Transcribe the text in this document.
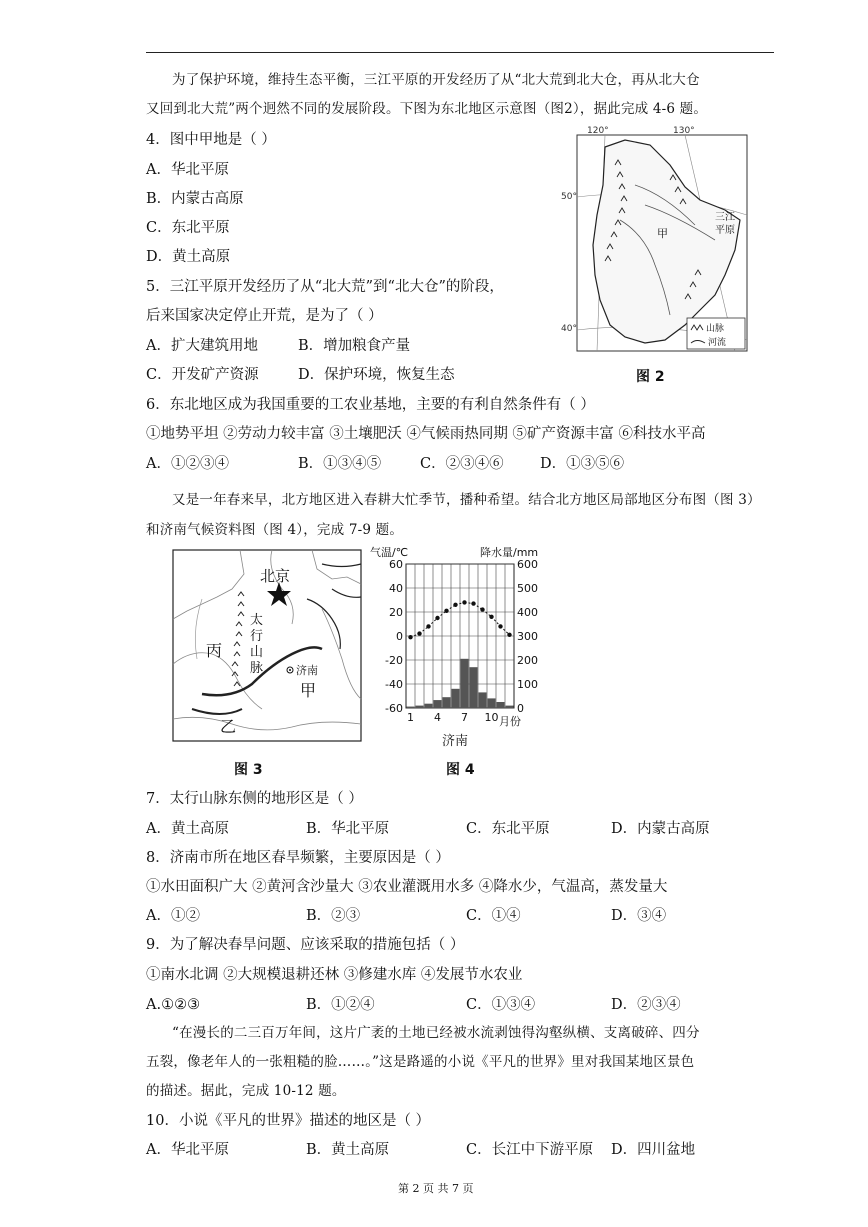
为了保护环境，维持生态平衡，三江平原的开发经历了从“北大荒到北大仓，再从北大仓
又回到北大荒”两个迥然不同的发展阶段。下图为东北地区示意图（图2），据此完成 4-6 题。
4．图中甲地是（ ）
A．华北平原
B．内蒙古高原
C．东北平原
D．黄土高原
5．三江平原开发经历了从“北大荒”到“北大仓”的阶段，
后来国家决定停止开荒，是为了（ ）
A．扩大建筑用地	B．增加粮食产量
C．开发矿产资源	D．保护环境，恢复生态
120°	130°
50°
40°
甲
三江
平原
山脉
河流
图 2
6．东北地区成为我国重要的工农业基地，主要的有利自然条件有（ ）
①地势平坦 ②劳动力较丰富 ③土壤肥沃 ④气候雨热同期 ⑤矿产资源丰富 ⑥科技水平高
A．①②③④	B．①③④⑤	C．②③④⑥	D．①③⑤⑥
又是一年春来早，北方地区进入春耕大忙季节，播种希望。结合北方地区局部地区分布图（图 3）
和济南气候资料图（图 4），完成 7-9 题。
北京
太
行
山
脉
丙
济南
甲
乙
图 3
气温/℃	降水量/mm
60
40
20
0
-20
-40
-60
600
500
400
300
200
100
0
1 4 7 10 月份
济南
图 4
7．太行山脉东侧的地形区是（ ）
A．黄土高原	B．华北平原	C．东北平原	D．内蒙古高原
8．济南市所在地区春旱频繁，主要原因是（ ）
①水田面积广大 ②黄河含沙量大 ③农业灌溉用水多 ④降水少，气温高，蒸发量大
A．①②	B．②③	C．①④	D．③④
9．为了解决春旱问题、应该采取的措施包括（ ）
①南水北调 ②大规模退耕还林 ③修建水库 ④发展节水农业
A.①②③	B．①②④	C．①③④	D．②③④
“在漫长的二三百万年间，这片广袤的土地已经被水流剥蚀得沟壑纵横、支离破碎、四分
五裂，像老年人的一张粗糙的脸……。”这是路遥的小说《平凡的世界》里对我国某地区景色
的描述。据此，完成 10-12 题。
10．小说《平凡的世界》描述的地区是（ ）
A．华北平原	B．黄土高原	C．长江中下游平原 D．四川盆地
第 2 页 共 7 页
